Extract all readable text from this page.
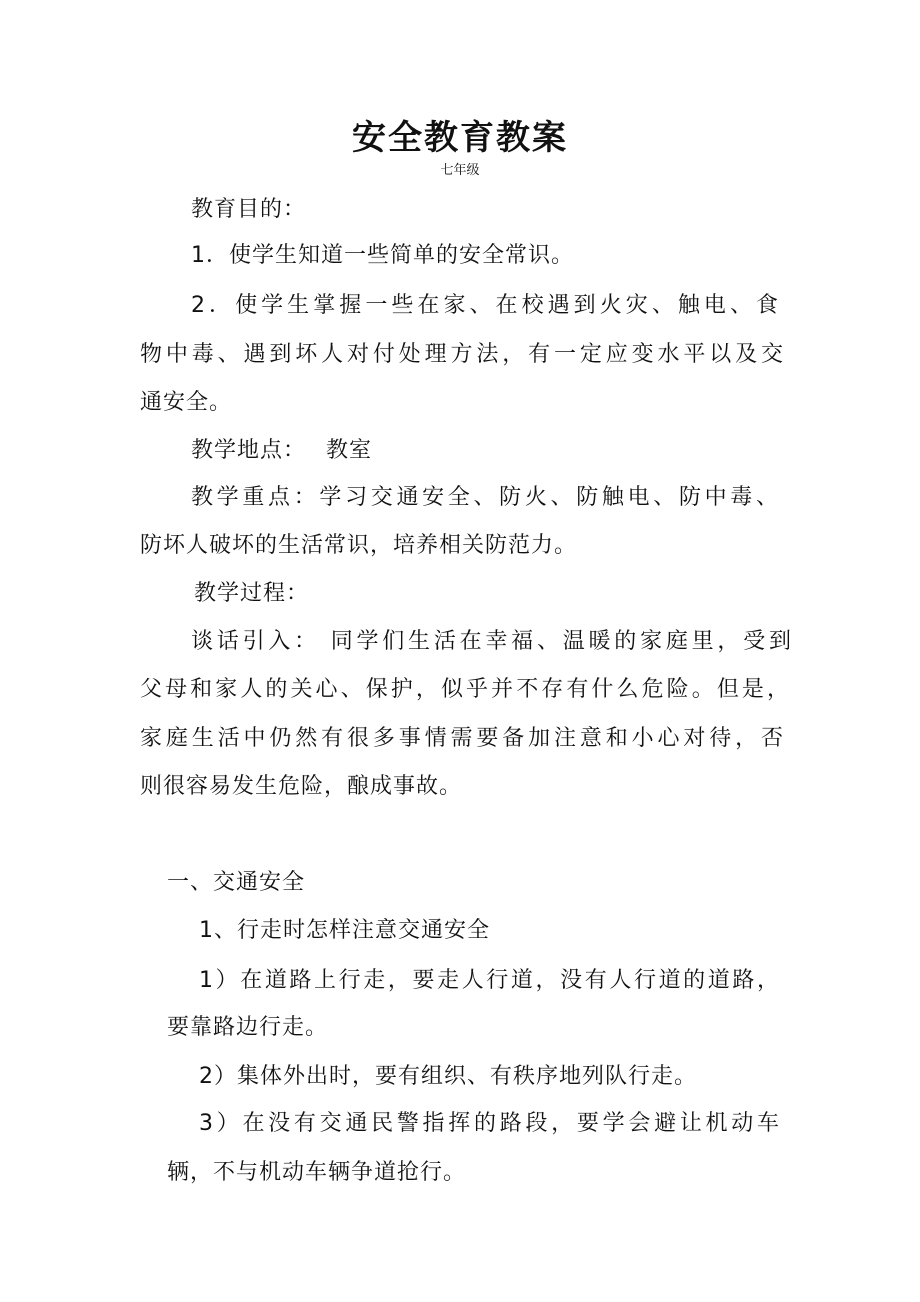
安全教育教案
七年级
教育目的：
1．使学生知道一些简单的安全常识。
2．使学生掌握一些在家、在校遇到火灾、触电、食
物中毒、遇到坏人对付处理方法，有一定应变水平以及交
通安全。
教学地点：　 教室
教学重点：学习交通安全、防火、防触电、防中毒、
防坏人破坏的生活常识，培养相关防范力。
教学过程：
谈话引入： 同学们生活在幸福、温暖的家庭里，受到
父母和家人的关心、保护，似乎并不存有什么危险。但是，
家庭生活中仍然有很多事情需要备加注意和小心对待，否
则很容易发生危险，酿成事故。
一、交通安全
1、行走时怎样注意交通安全
1）在道路上行走，要走人行道，没有人行道的道路，
要靠路边行走。
2）集体外出时，要有组织、有秩序地列队行走。
3）在没有交通民警指挥的路段，要学会避让机动车
辆，不与机动车辆争道抢行。
